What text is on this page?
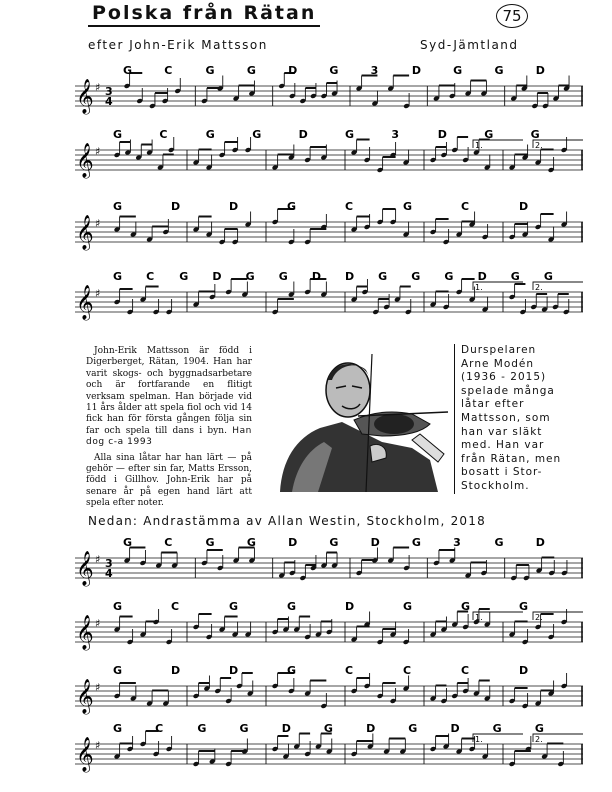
Polska från Rätan	75
efter John-Erik Mattsson	Syd-Jämtland
𝄞 ♯ 3
4
G	C	G	G	D	G	3	D	G	G	D
𝄞 ♯
G	C	G	G	D	G	3	D	G	G
1.	2.
𝄞 ♯
G	D	D	G	C	G	C	D
𝄞 ♯
G C G D G G D D G G G D G G
1.	2.

John-Erik Mattsson är född i Digerberget, Rätan, 1904. Han har varit skogs- och byggnadsarbetare och är fortfarande en flitigt verksam spelman. Han började vid 11 års ålder att spela fiol och vid 14 fick han för första gången följa sin far och spela till dans i byn. Han dog c-a 1993

Alla sina låtar har han lärt — på gehör — efter sin far, Matts Ersson, född i Gillhov. John-Erik har på senare år på egen hand lärt att spela efter noter.

Durspelaren
Arne Modén
(1936 - 2015)
spelade många
låtar efter
Mattsson, som
han var släkt
med. Han var
från Rätan, men
bosatt i Stor-
Stockholm.
Nedan: Andrastämma av Allan Westin, Stockholm, 2018
𝄞 ♯ 3
4
G	C	G	G	D	G	D	G	3	G	D
𝄞 ♯
G	C	G	G	D	G	G	G
1.	2.
𝄞 ♯
G	D	D	G	C	C	C	D
𝄞 ♯
G	C	G	G	D	G	D	G	D	G	G
1.	2.
